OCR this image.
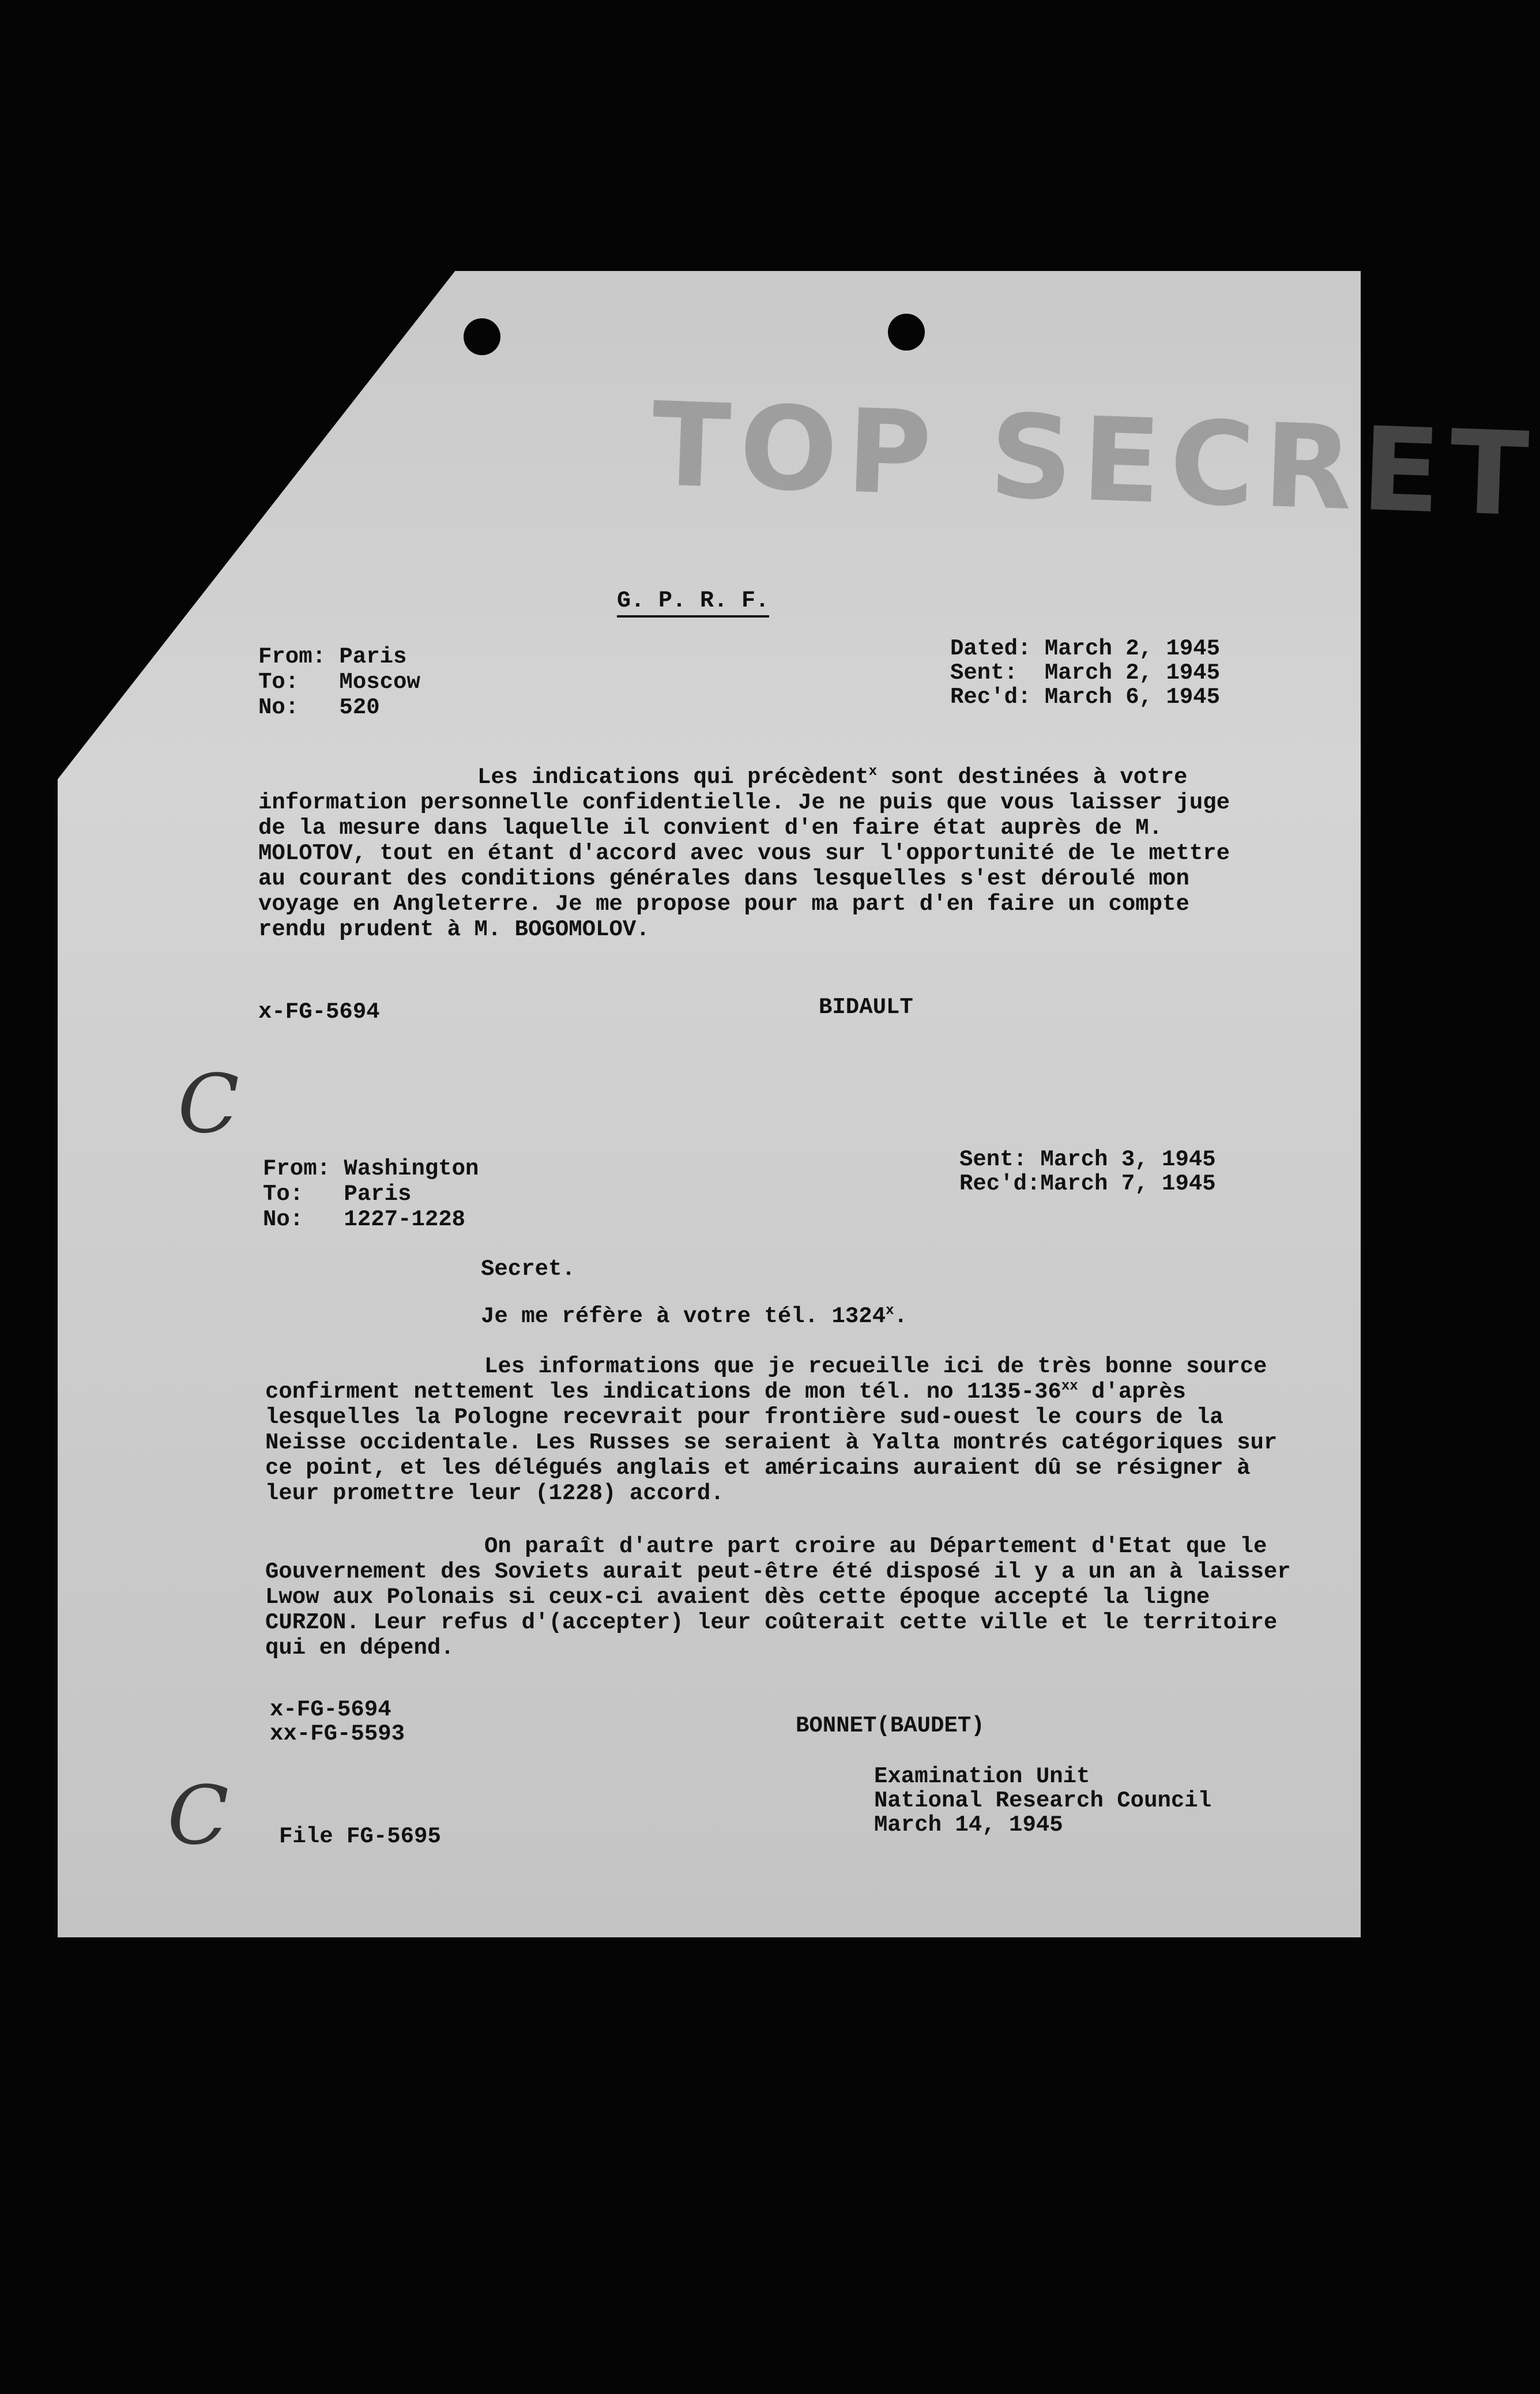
TOP SECRET
G. P. R. F.
From: Paris
To:   Moscow
No:   520
Dated: March 2, 1945
Sent:  March 2, 1945
Rec'd: March 6, 1945
Les indications qui précèdent$^x$ sont destinées à votre information personnelle confidentielle. Je ne puis que vous laisser juge de la mesure dans laquelle il convient d'en faire état auprès de M. MOLOTOV, tout en étant d'accord avec vous sur l'opportunité de le mettre au courant des conditions générales dans lesquelles s'est déroulé mon voyage en Angleterre. Je me propose pour ma part d'en faire un compte rendu prudent à M. BOGOMOLOV.
x-FG-5694	BIDAULT
C
From: Washington
To:   Paris
No:   1227-1228
Sent: March 3, 1945
Rec'd:March 7, 1945
Secret.
Je me réfère à votre tél. 1324$^x$.
Les informations que je recueille ici de très bonne source confirment nettement les indications de mon tél. no 1135-36$^{xx}$ d'après lesquelles la Pologne recevrait pour frontière sud-ouest le cours de la Neisse occidentale. Les Russes se seraient à Yalta montrés catégoriques sur ce point, et les délégués anglais et américains auraient dû se résigner à leur promettre leur (1228) accord.
On paraît d'autre part croire au Département d'Etat que le Gouvernement des Soviets aurait peut-être été disposé il y a un an à laisser Lwow aux Polonais si ceux-ci avaient dès cette époque accepté la ligne CURZON. Leur refus d'(accepter) leur coûterait cette ville et le territoire qui en dépend.
x-FG-5694
xx-FG-5593	BONNET(BAUDET)
C	Examination Unit
National Research Council
March 14, 1945
File FG-5695
